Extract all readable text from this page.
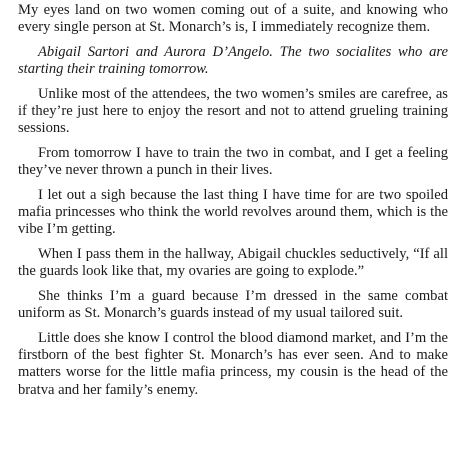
My eyes land on two women coming out of a suite, and knowing who every single person at St. Monarch’s is, I immediately recognize them.

Abigail Sartori and Aurora D’Angelo. The two socialites who are starting their training tomorrow.

Unlike most of the attendees, the two women’s smiles are carefree, as if they’re just here to enjoy the resort and not to attend grueling training sessions.

From tomorrow I have to train the two in combat, and I get a feeling they’ve never thrown a punch in their lives.

I let out a sigh because the last thing I have time for are two spoiled mafia princesses who think the world revolves around them, which is the vibe I’m getting.

When I pass them in the hallway, Abigail chuckles seductively, “If all the guards look like that, my ovaries are going to explode.”

She thinks I’m a guard because I’m dressed in the same combat uniform as St. Monarch’s guards instead of my usual tailored suit.

Little does she know I control the blood diamond market, and I’m the firstborn of the best fighter St. Monarch’s has ever seen. And to make matters worse for the little mafia princess, my cousin is the head of the bratva and her family’s enemy.
